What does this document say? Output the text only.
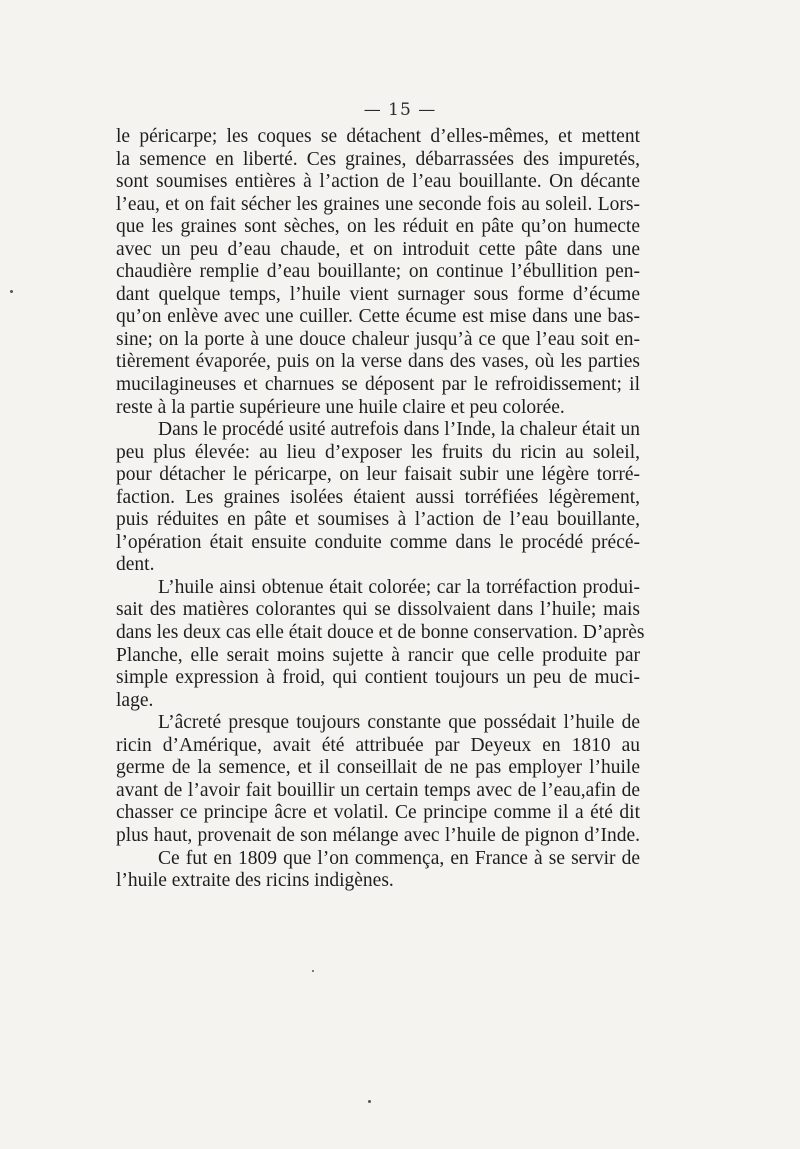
— 15 —
le péricarpe; les coques se détachent d’elles-mêmes, et mettent
la semence en liberté. Ces graines, débarrassées des impuretés,
sont soumises entières à l’action de l’eau bouillante. On décante
l’eau, et on fait sécher les graines une seconde fois au soleil. Lors-
que les graines sont sèches, on les réduit en pâte qu’on humecte
avec un peu d’eau chaude, et on introduit cette pâte dans une
chaudière remplie d’eau bouillante; on continue l’ébullition pen-
dant quelque temps, l’huile vient surnager sous forme d’écume
qu’on enlève avec une cuiller. Cette écume est mise dans une bas-
sine; on la porte à une douce chaleur jusqu’à ce que l’eau soit en-
tièrement évaporée, puis on la verse dans des vases, où les parties
mucilagineuses et charnues se déposent par le refroidissement; il
reste à la partie supérieure une huile claire et peu colorée.
Dans le procédé usité autrefois dans l’Inde, la chaleur était un
peu plus élevée: au lieu d’exposer les fruits du ricin au soleil,
pour détacher le péricarpe, on leur faisait subir une légère torré-
faction. Les graines isolées étaient aussi torréfiées légèrement,
puis réduites en pâte et soumises à l’action de l’eau bouillante,
l’opération était ensuite conduite comme dans le procédé précé-
dent.
L’huile ainsi obtenue était colorée; car la torréfaction produi-
sait des matières colorantes qui se dissolvaient dans l’huile; mais
dans les deux cas elle était douce et de bonne conservation. D’après
Planche, elle serait moins sujette à rancir que celle produite par
simple expression à froid, qui contient toujours un peu de muci-
lage.
L’âcreté presque toujours constante que possédait l’huile de
ricin d’Amérique, avait été attribuée par Deyeux en 1810 au
germe de la semence, et il conseillait de ne pas employer l’huile
avant de l’avoir fait bouillir un certain temps avec de l’eau,afin de
chasser ce principe âcre et volatil. Ce principe comme il a été dit
plus haut, provenait de son mélange avec l’huile de pignon d’Inde.
Ce fut en 1809 que l’on commença, en France à se servir de
l’huile extraite des ricins indigènes.
